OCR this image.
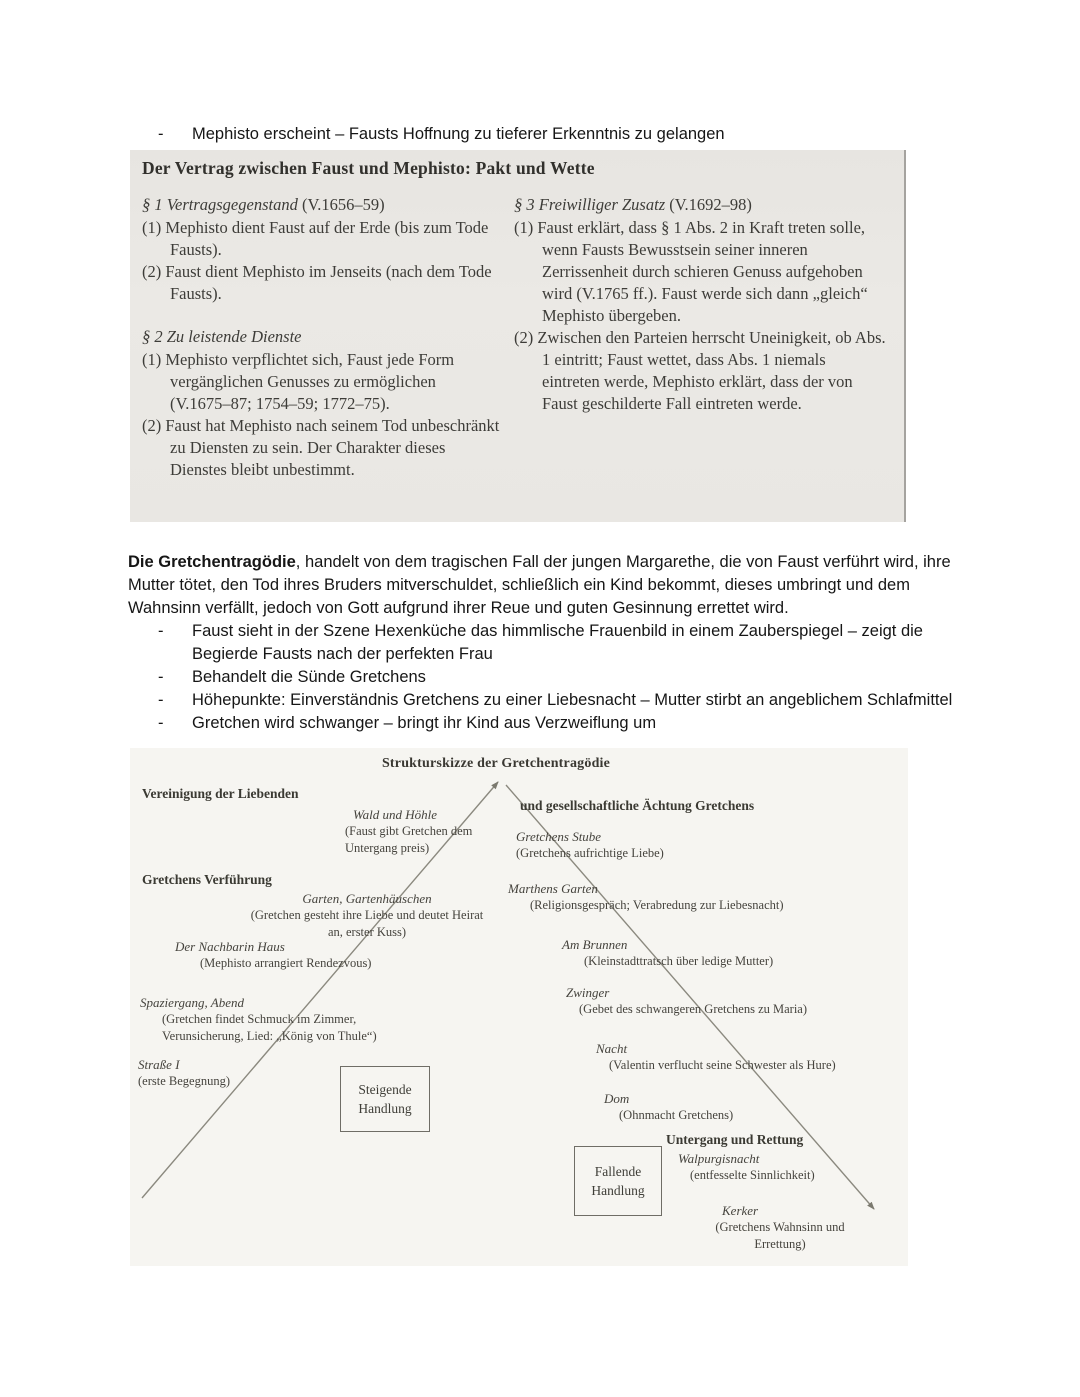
-	Mephisto erscheint – Fausts Hoffnung zu tieferer Erkenntnis zu gelangen

Der Vertrag zwischen Faust und Mephisto: Pakt und Wette

§ 1 Vertragsgegenstand (V.1656–59)

(1) Mephisto dient Faust auf der Erde (bis zum Tode Fausts).

(2) Faust dient Mephisto im Jenseits (nach dem Tode Fausts).

§ 2 Zu leistende Dienste

(1) Mephisto verpflichtet sich, Faust jede Form vergänglichen Genusses zu ermöglichen (V.1675–87; 1754–59; 1772–75).

(2) Faust hat Mephisto nach seinem Tod unbeschränkt zu Diensten zu sein. Der Charakter dieses Dienstes bleibt unbestimmt.

§ 3 Freiwilliger Zusatz (V.1692–98)

(1) Faust erklärt, dass § 1 Abs. 2 in Kraft treten solle, wenn Fausts Bewusstsein seiner inneren Zerrissenheit durch schieren Genuss aufgehoben wird (V.1765 ff.). Faust werde sich dann „gleich“ Mephisto übergeben.

(2) Zwischen den Parteien herrscht Uneinigkeit, ob Abs. 1 eintritt; Faust wettet, dass Abs. 1 niemals eintreten werde, Mephisto erklärt, dass der von Faust geschilderte Fall eintreten werde.

Die Gretchentragödie, handelt von dem tragischen Fall der jungen Margarethe, die von Faust verführt wird, ihre Mutter tötet, den Tod ihres Bruders mitverschuldet, schließlich ein Kind bekommt, dieses umbringt und dem Wahnsinn verfällt, jedoch von Gott aufgrund ihrer Reue und guten Gesinnung errettet wird.

-	Faust sieht in der Szene Hexenküche das himmlische Frauenbild in einem Zauberspiegel – zeigt die Begierde Fausts nach der perfekten Frau
-	Behandelt die Sünde Gretchens
-	Höhepunkte: Einverständnis Gretchens zu einer Liebesnacht – Mutter stirbt an angeblichem Schlafmittel
-	Gretchen wird schwanger – bringt ihr Kind aus Verzweiflung um
Strukturskizze der Gretchentragödie
Vereinigung der Liebenden
und gesellschaftliche Ächtung Gretchens
Gretchens Verführung
Untergang und Rettung
Wald und Höhle
(Faust gibt Gretchen dem Untergang preis)
Garten, Gartenhäuschen
(Gretchen gesteht ihre Liebe und deutet Heirat an, erster Kuss)
Der Nachbarin Haus
(Mephisto arrangiert Rendezvous)
Spaziergang, Abend
(Gretchen findet Schmuck im Zimmer, Verunsicherung, Lied: „König von Thule“)
Straße I
(erste Begegnung)
Gretchens Stube
(Gretchens aufrichtige Liebe)
Marthens Garten
(Religionsgespräch; Verabredung zur Liebesnacht)
Am Brunnen
(Kleinstadttratsch über ledige Mutter)
Zwinger
(Gebet des schwangeren Gretchens zu Maria)
Nacht
(Valentin verflucht seine Schwester als Hure)
Dom
(Ohnmacht Gretchens)
Walpurgisnacht
(entfesselte Sinnlichkeit)
Kerker
(Gretchens Wahnsinn und Errettung)
Steigende Handlung
Fallende Handlung
